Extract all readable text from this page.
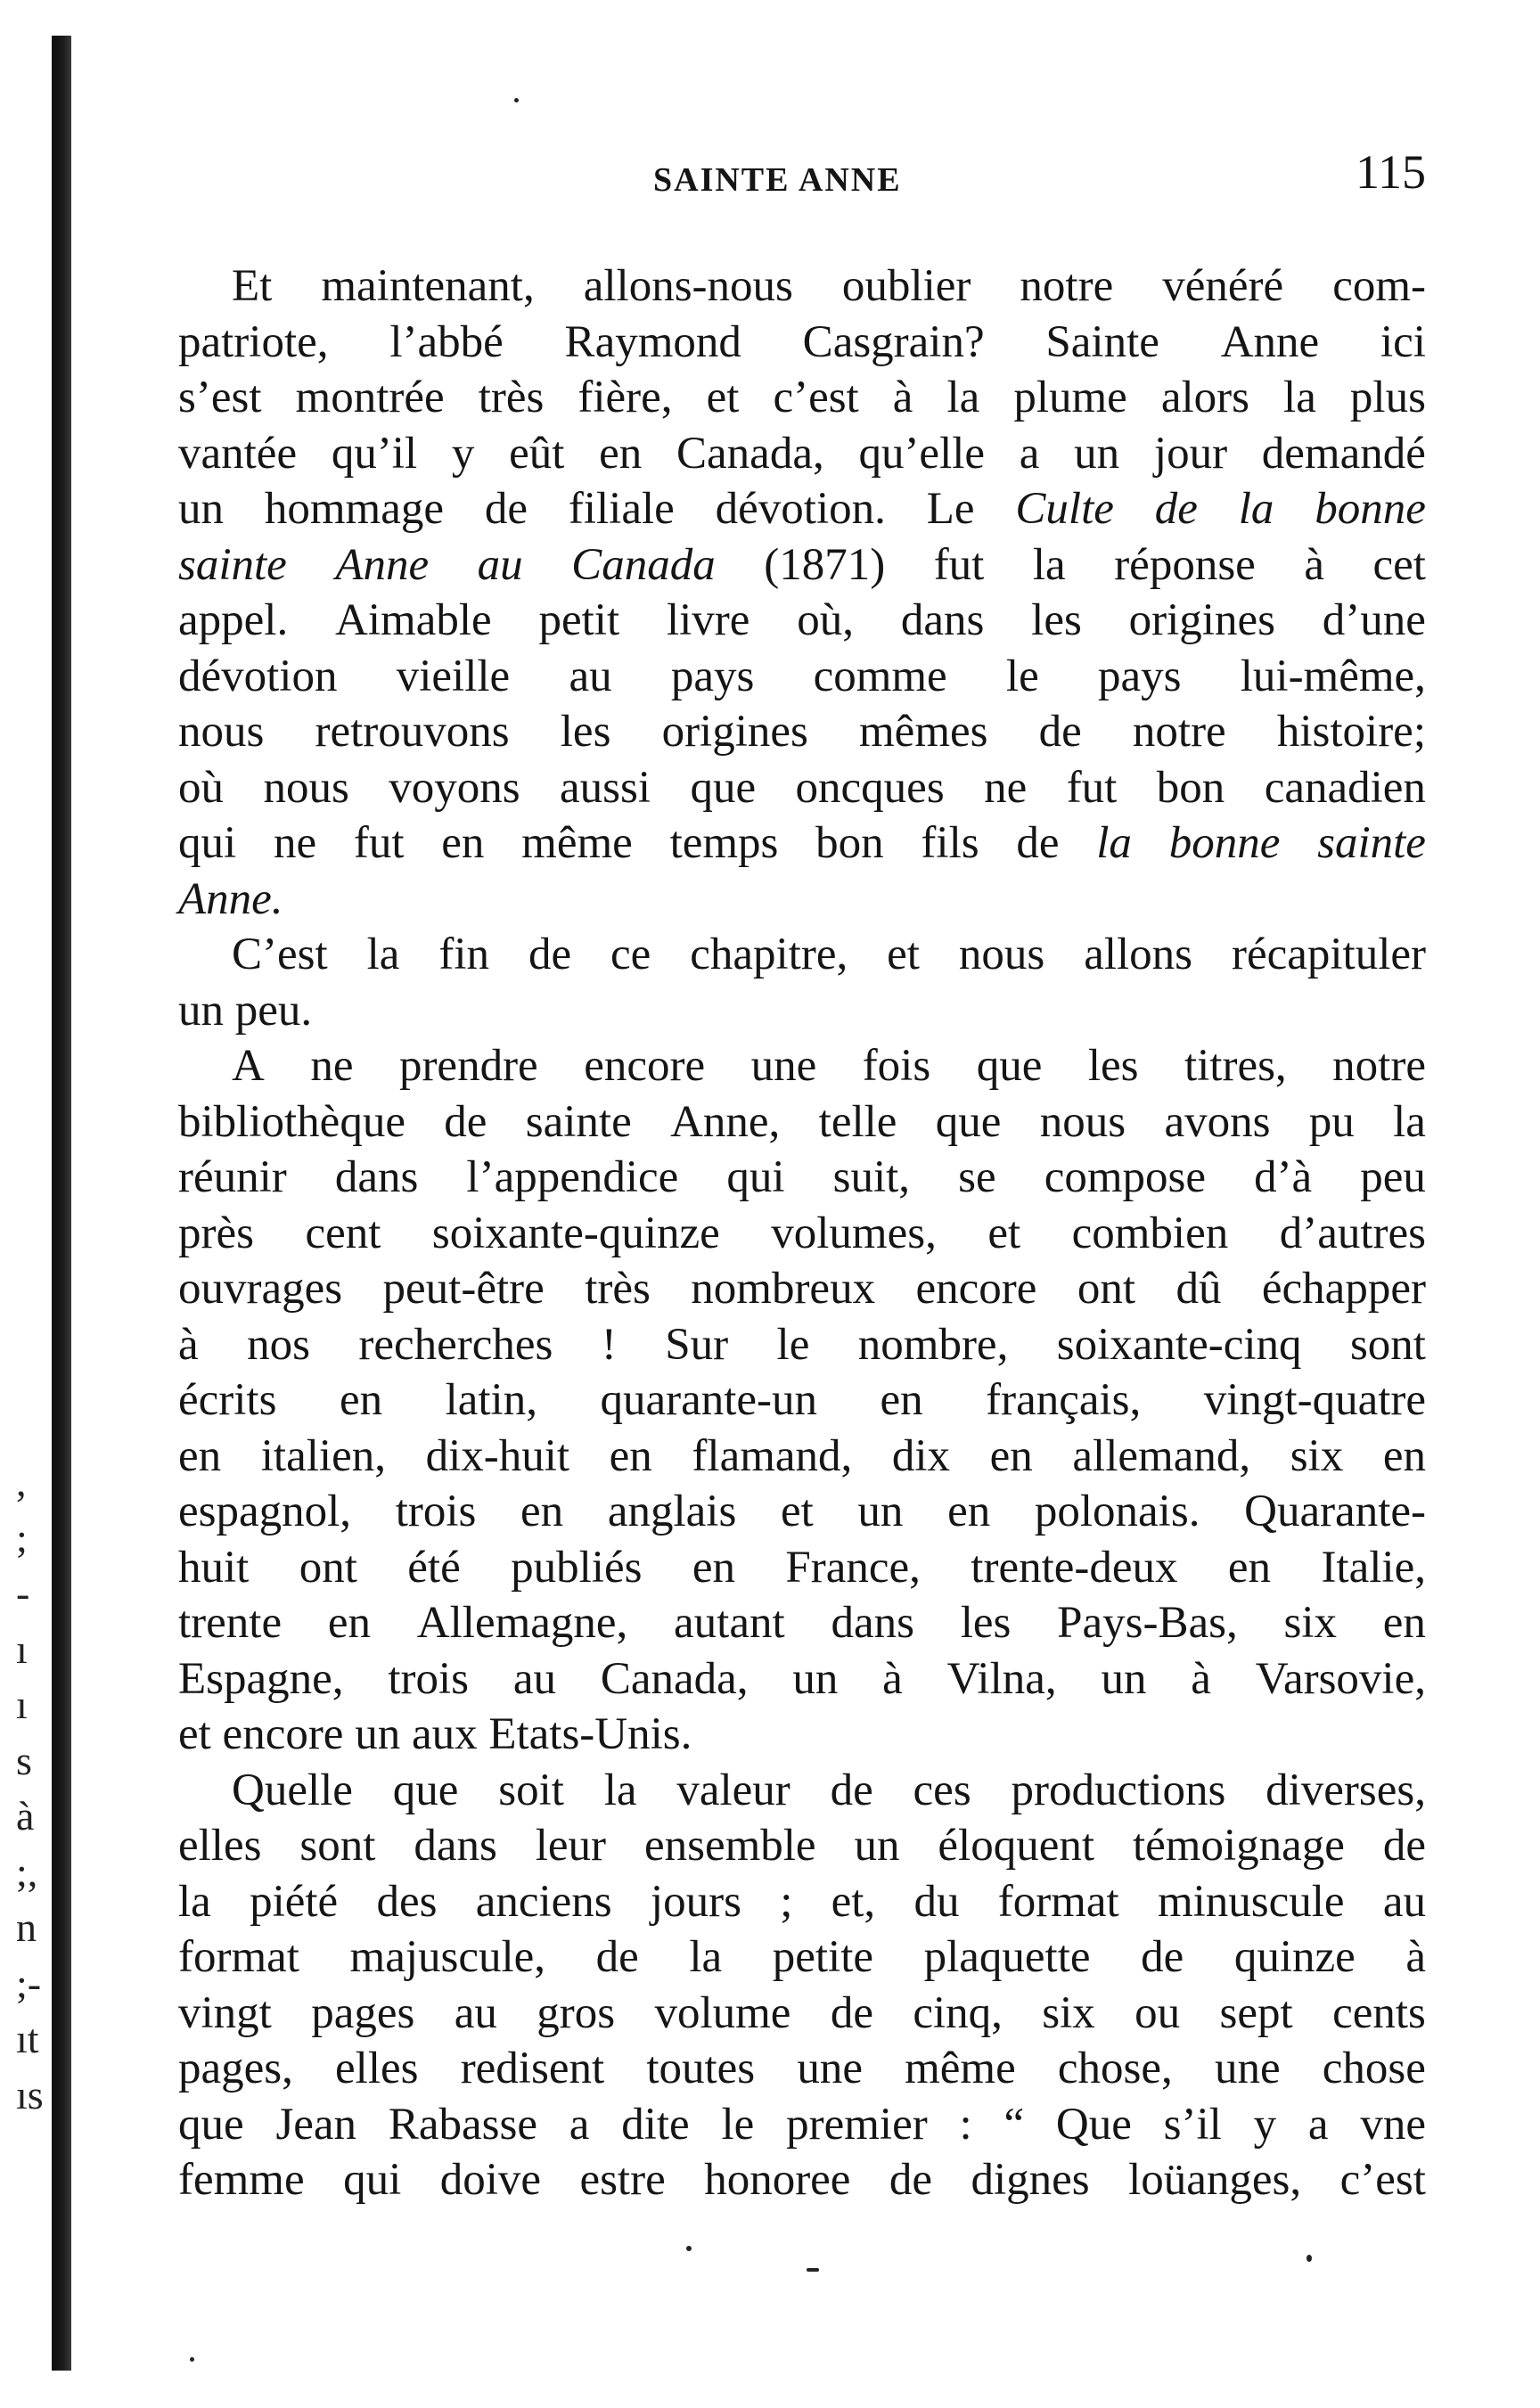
,
;
-
ı
ı
s
à
;,
n
;-
ıt
ıs
SAINTE ANNE	115
Et maintenant, allons-nous oublier notre vénéré com-
patriote, l’abbé Raymond Casgrain? Sainte Anne ici
s’est montrée très fière, et c’est à la plume alors la plus
vantée qu’il y eût en Canada, qu’elle a un jour demandé
un hommage de filiale dévotion. Le Culte de la bonne
sainte Anne au Canada (1871) fut la réponse à cet
appel. Aimable petit livre où, dans les origines d’une
dévotion vieille au pays comme le pays lui-même,
nous retrouvons les origines mêmes de notre histoire;
où nous voyons aussi que oncques ne fut bon canadien
qui ne fut en même temps bon fils de la bonne sainte
Anne.
C’est la fin de ce chapitre, et nous allons récapituler
un peu.
A ne prendre encore une fois que les titres, notre
bibliothèque de sainte Anne, telle que nous avons pu la
réunir dans l’appendice qui suit, se compose d’à peu
près cent soixante-quinze volumes, et combien d’autres
ouvrages peut-être très nombreux encore ont dû échapper
à nos recherches ! Sur le nombre, soixante-cinq sont
écrits en latin, quarante-un en français, vingt-quatre
en italien, dix-huit en flamand, dix en allemand, six en
espagnol, trois en anglais et un en polonais. Quarante-
huit ont été publiés en France, trente-deux en Italie,
trente en Allemagne, autant dans les Pays-Bas, six en
Espagne, trois au Canada, un à Vilna, un à Varsovie,
et encore un aux Etats-Unis.
Quelle que soit la valeur de ces productions diverses,
elles sont dans leur ensemble un éloquent témoignage de
la piété des anciens jours ; et, du format minuscule au
format majuscule, de la petite plaquette de quinze à
vingt pages au gros volume de cinq, six ou sept cents
pages, elles redisent toutes une même chose, une chose
que Jean Rabasse a dite le premier : “ Que s’il y a vne
femme qui doive estre honoree de dignes loüanges, c’est
